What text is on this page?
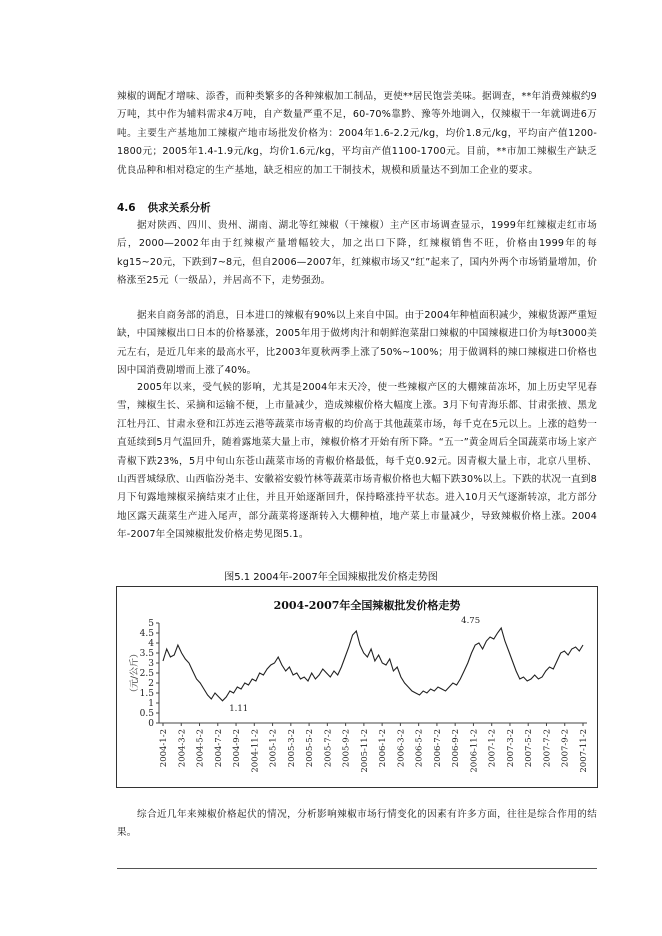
辣椒的调配才增味、添香，而种类繁多的各种辣椒加工制品，更使**居民饱尝美味。据调查，**年消费辣椒约9万吨，其中作为辅料需求4万吨，自产数量严重不足，60-70%靠黔、豫等外地调入，仅辣椒干一年就调进6万吨。主要生产基地加工辣椒产地市场批发价格为：2004年1.6-2.2元/kg，均价1.8元/kg，平均亩产值1200-1800元；2005年1.4-1.9元/kg，均价1.6元/kg，平均亩产值1100-1700元。目前，**市加工辣椒生产缺乏优良品种和相对稳定的生产基地，缺乏相应的加工干制技术，规模和质量达不到加工企业的要求。

4.6 供求关系分析

据对陕西、四川、贵州、湖南、湖北等红辣椒（干辣椒）主产区市场调查显示，1999年红辣椒走红市场后，2000—2002年由于红辣椒产量增幅较大，加之出口下降，红辣椒销售不旺，价格由1999年的每kg15~20元，下跌到7~8元，但自2006—2007年，红辣椒市场又“红”起来了，国内外两个市场销量增加，价格涨至25元（一级品），并居高不下，走势强劲。

据来自商务部的消息，日本进口的辣椒有90%以上来自中国。由于2004年种植面积减少，辣椒货源严重短缺，中国辣椒出口日本的价格暴涨，2005年用于做烤肉汁和朝鲜泡菜甜口辣椒的中国辣椒进口价为每t3000美元左右，是近几年来的最高水平，比2003年夏秋两季上涨了50%~100%；用于做调料的辣口辣椒进口价格也因中国消费剧增而上涨了40%。

2005年以来，受气候的影响，尤其是2004年末天冷，使一些辣椒产区的大棚辣苗冻坏，加上历史罕见春雪，辣椒生长、采摘和运输不便，上市量减少，造成辣椒价格大幅度上涨。3月下旬青海乐都、甘肃张掖、黑龙江牡丹江、甘肃永登和江苏连云港等蔬菜市场青椒的均价高于其他蔬菜市场，每千克在5元以上。上涨的趋势一直延续到5月气温回升，随着露地菜大量上市，辣椒价格才开始有所下降。“五一”黄金周后全国蔬菜市场上家产青椒下跌23%，5月中旬山东苍山蔬菜市场的青椒价格最低，每千克0.92元。因青椒大量上市，北京八里桥、山西晋城绿欣、山西临汾尧丰、安徽裕安毅竹林等蔬菜市场青椒价格也大幅下跌30%以上。下跌的状况一直到8月下旬露地辣椒采摘结束才止住，并且开始逐渐回升，保持略涨持平状态。进入10月天气逐渐转凉，北方部分地区露天蔬菜生产进入尾声，部分蔬菜将逐渐转入大棚种植，地产菜上市量减少，导致辣椒价格上涨。2004年-2007年全国辣椒批发价格走势见图5.1。

图5.1 2004年-2007年全国辣椒批发价格走势图
2004-2007年全国辣椒批发价格走势
0
0.5
1
1.5
2
2.5
3
3.5
4
4.5
5
（元/公斤）
2004-1-2 2004-3-2 2004-5-2 2004-7-2 2004-9-2 2004-11-2 2005-1-2 2005-3-2 2005-5-2 2005-7-2 2005-9-2 2005-11-2 2006-1-2 2006-3-2 2006-5-2 2006-7-2 2006-9-2 2006-11-2 2007-1-2 2007-3-2 2007-5-2 2007-7-2 2007-9-2 2007-11-2
4.75
1.11

综合近几年来辣椒价格起伏的情况，分析影响辣椒市场行情变化的因素有许多方面，往往是综合作用的结果。
